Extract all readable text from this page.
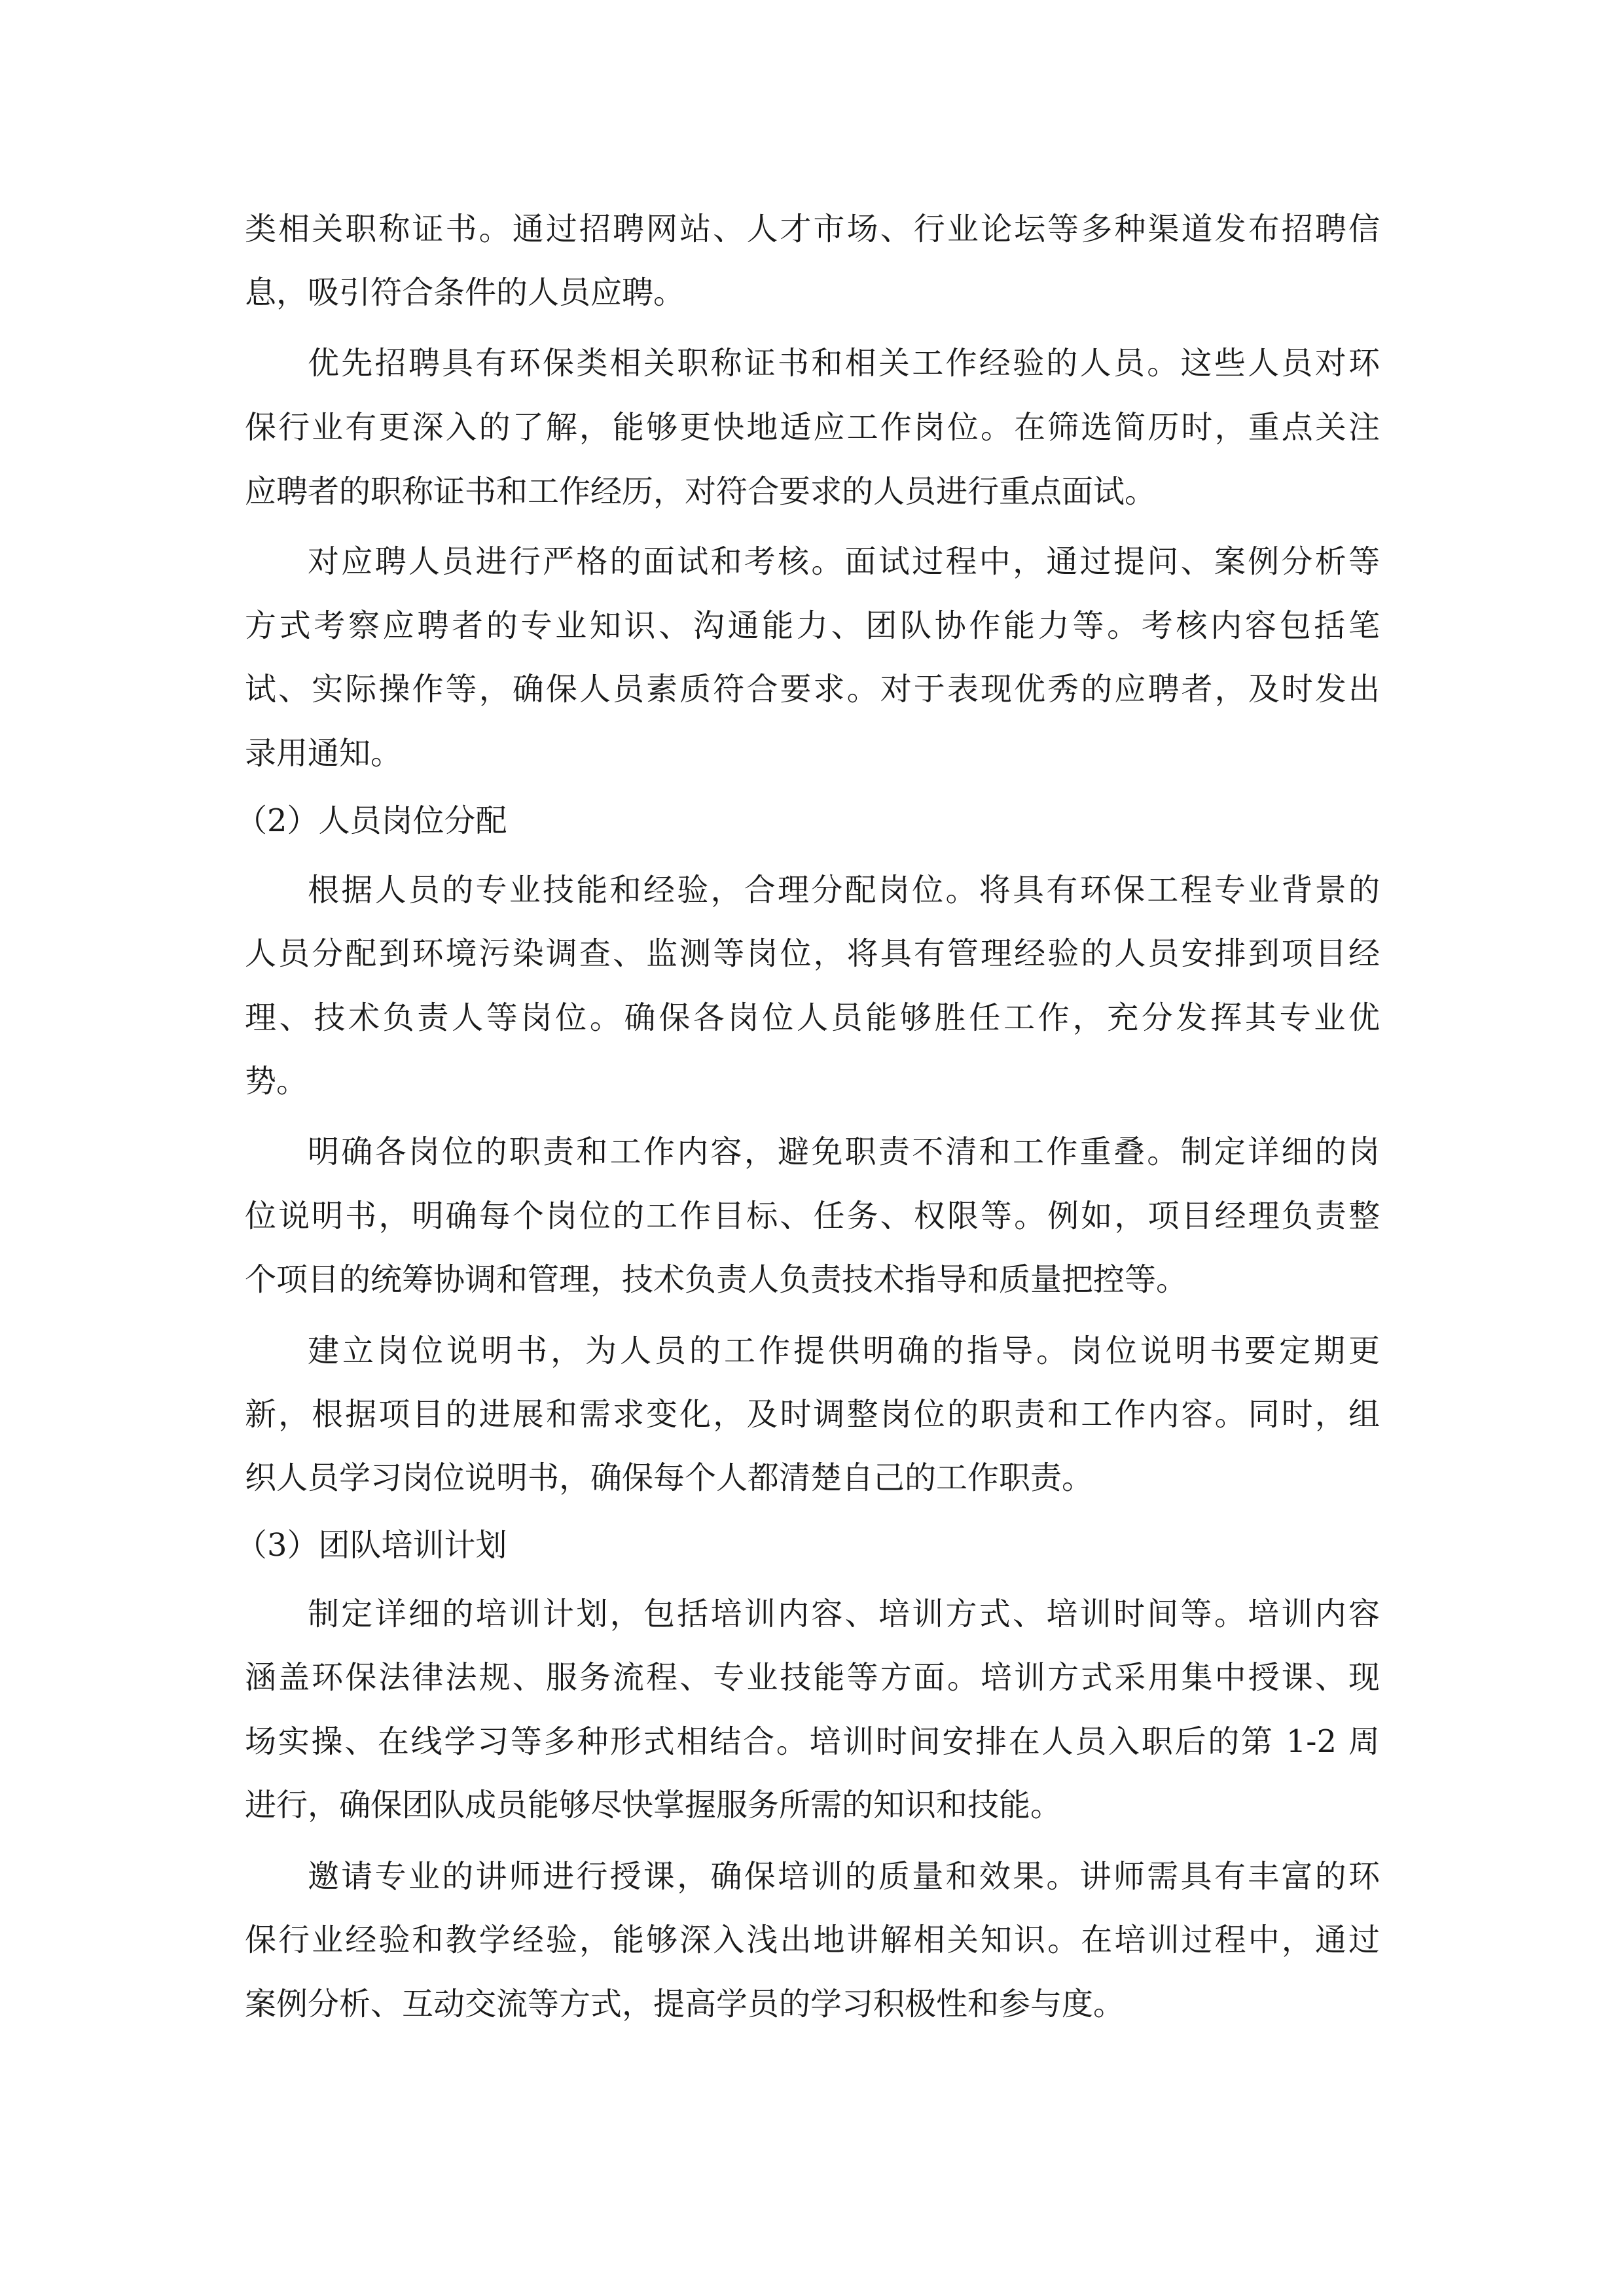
类相关职称证书。通过招聘网站、人才市场、行业论坛等多种渠道发布招聘信
息，吸引符合条件的人员应聘。
优先招聘具有环保类相关职称证书和相关工作经验的人员。这些人员对环
保行业有更深入的了解，能够更快地适应工作岗位。在筛选简历时，重点关注
应聘者的职称证书和工作经历，对符合要求的人员进行重点面试。
对应聘人员进行严格的面试和考核。面试过程中，通过提问、案例分析等
方式考察应聘者的专业知识、沟通能力、团队协作能力等。考核内容包括笔
试、实际操作等，确保人员素质符合要求。对于表现优秀的应聘者，及时发出
录用通知。
（2）人员岗位分配
根据人员的专业技能和经验，合理分配岗位。将具有环保工程专业背景的
人员分配到环境污染调查、监测等岗位，将具有管理经验的人员安排到项目经
理、技术负责人等岗位。确保各岗位人员能够胜任工作，充分发挥其专业优
势。
明确各岗位的职责和工作内容，避免职责不清和工作重叠。制定详细的岗
位说明书，明确每个岗位的工作目标、任务、权限等。例如，项目经理负责整
个项目的统筹协调和管理，技术负责人负责技术指导和质量把控等。
建立岗位说明书，为人员的工作提供明确的指导。岗位说明书要定期更
新，根据项目的进展和需求变化，及时调整岗位的职责和工作内容。同时，组
织人员学习岗位说明书，确保每个人都清楚自己的工作职责。
（3）团队培训计划
制定详细的培训计划，包括培训内容、培训方式、培训时间等。培训内容
涵盖环保法律法规、服务流程、专业技能等方面。培训方式采用集中授课、现
场实操、在线学习等多种形式相结合。培训时间安排在人员入职后的第 1-2 周
进行，确保团队成员能够尽快掌握服务所需的知识和技能。
邀请专业的讲师进行授课，确保培训的质量和效果。讲师需具有丰富的环
保行业经验和教学经验，能够深入浅出地讲解相关知识。在培训过程中，通过
案例分析、互动交流等方式，提高学员的学习积极性和参与度。
